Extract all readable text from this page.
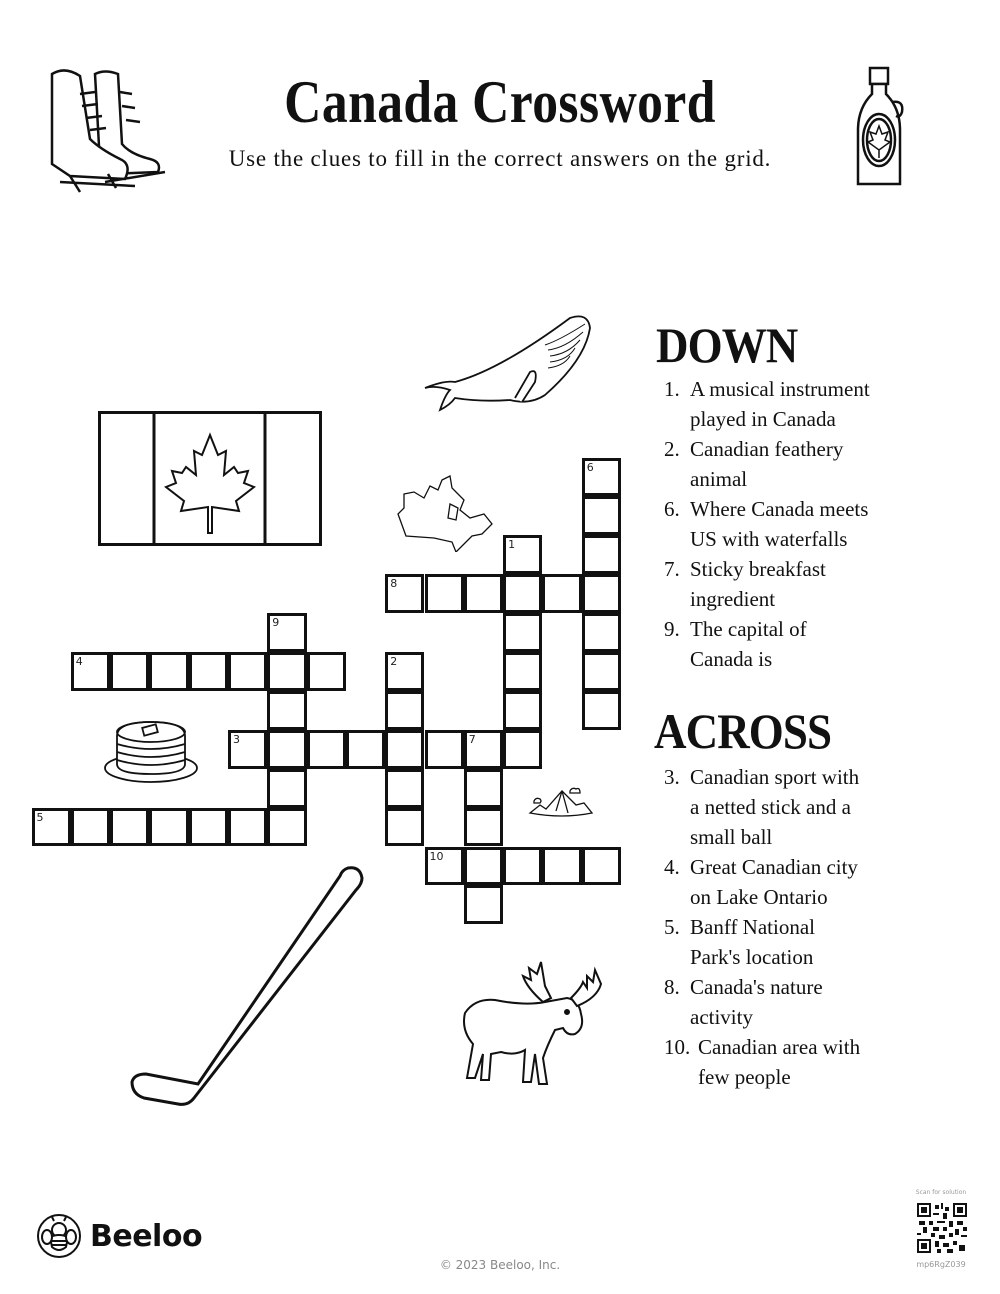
Canada Crossword
Use the clues to fill in the correct answers on the grid.
1
2
3	7
4
5
6
8
9
10
DOWN
1. A musical instrument
played in Canada
2. Canadian feathery
animal
6. Where Canada meets
US with waterfalls
7. Sticky breakfast
ingredient
9. The capital of
Canada is
ACROSS
3. Canadian sport with
a netted stick and a
small ball
4. Great Canadian city
on Lake Ontario
5. Banff National
Park's location
8. Canada's nature
activity
10. Canadian area with
few people
Beeloo
© 2023 Beeloo, Inc.
Scan for solution
mp6RgZ039
